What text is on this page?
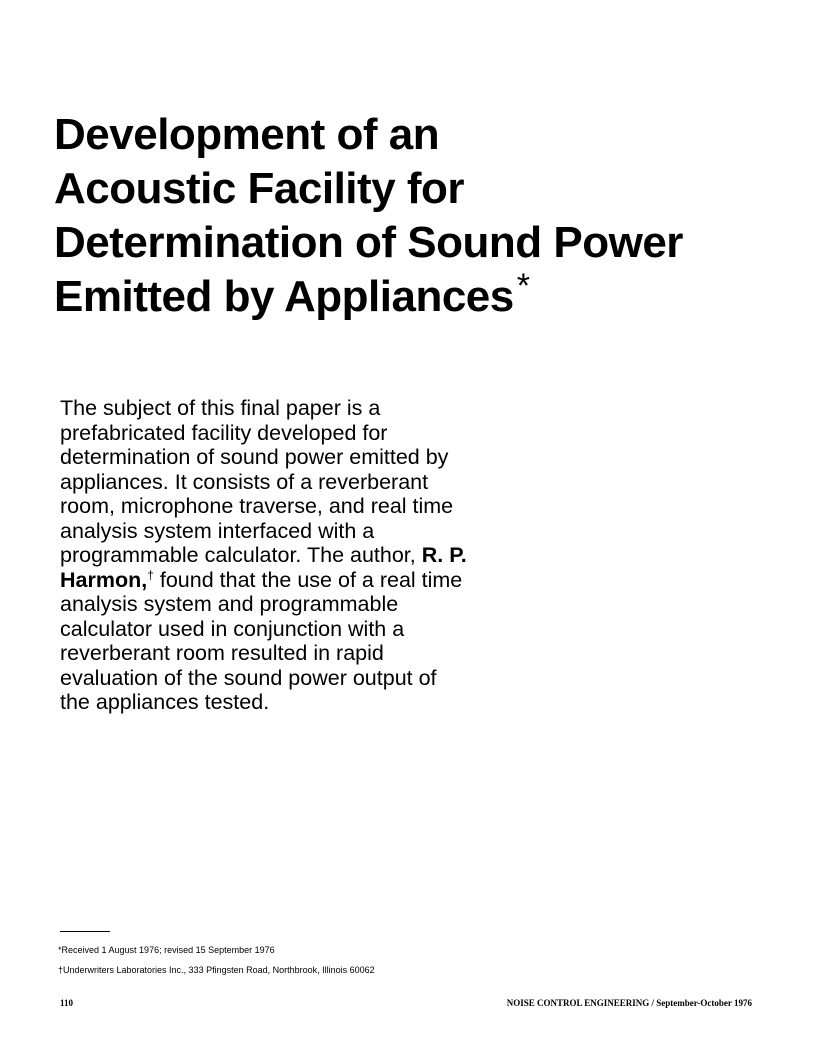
Development of an
Acoustic Facility for
Determination of Sound Power
Emitted by Appliances*

The subject of this final paper is a
prefabricated facility developed for
determination of sound power emitted by
appliances. It consists of a reverberant
room, microphone traverse, and real time
analysis system interfaced with a
programmable calculator. The author, R. P.
Harmon,† found that the use of a real time
analysis system and programmable
calculator used in conjunction with a
reverberant room resulted in rapid
evaluation of the sound power output of
the appliances tested.

*Received 1 August 1976; revised 15 September 1976
†Underwriters Laboratories Inc., 333 Pfingsten Road, Northbrook, Illinois 60062
110	NOISE CONTROL ENGINEERING / September-October 1976
